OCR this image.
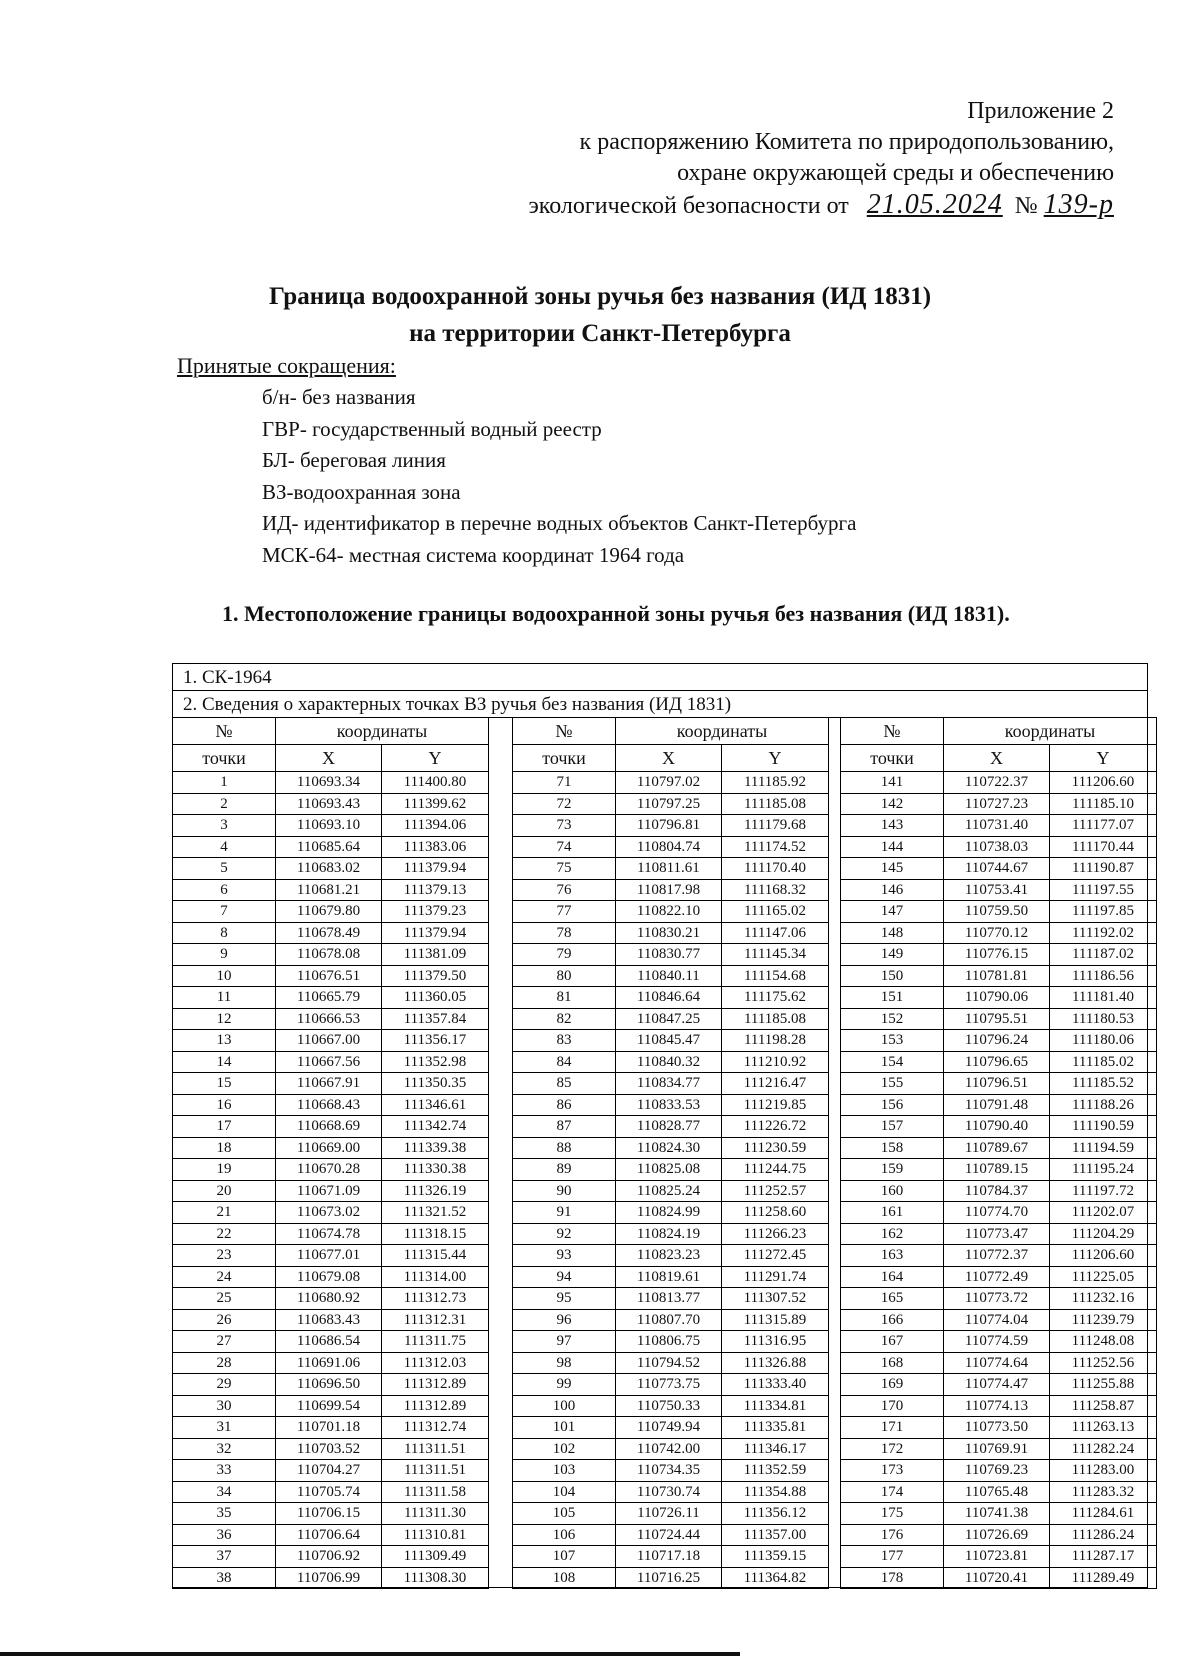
Приложение 2
к распоряжению Комитета по природопользованию,
охране окружающей среды и обеспечению
экологической безопасности от 21.05.2024 № 139-р
Граница водоохранной зоны ручья без названия (ИД 1831)
на территории Санкт-Петербурга
Принятые сокращения:
б/н- без названия
ГВР- государственный водный реестр
БЛ- береговая линия
ВЗ-водоохранная зона
ИД- идентификатор в перечне водных объектов Санкт-Петербурга
МСК-64- местная система координат 1964 года
1. Местоположение границы водоохранной зоны ручья без названия (ИД 1831).
1. СК-1964
2. Сведения о характерных точках ВЗ ручья без названия (ИД 1831)
№	координаты	
точки	X	Y
1	110693.34	111400.80
2	110693.43	111399.62
3	110693.10	111394.06
4	110685.64	111383.06
5	110683.02	111379.94
6	110681.21	111379.13
7	110679.80	111379.23
8	110678.49	111379.94
9	110678.08	111381.09
10	110676.51	111379.50
11	110665.79	111360.05
12	110666.53	111357.84
13	110667.00	111356.17
14	110667.56	111352.98
15	110667.91	111350.35
16	110668.43	111346.61
17	110668.69	111342.74
18	110669.00	111339.38
19	110670.28	111330.38
20	110671.09	111326.19
21	110673.02	111321.52
22	110674.78	111318.15
23	110677.01	111315.44
24	110679.08	111314.00
25	110680.92	111312.73
26	110683.43	111312.31
27	110686.54	111311.75
28	110691.06	111312.03
29	110696.50	111312.89
30	110699.54	111312.89
31	110701.18	111312.74
32	110703.52	111311.51
33	110704.27	111311.51
34	110705.74	111311.58
35	110706.15	111311.30
36	110706.64	111310.81
37	110706.92	111309.49
38	110706.99	111308.30
№	координаты	
точки	X	Y
71	110797.02	111185.92
72	110797.25	111185.08
73	110796.81	111179.68
74	110804.74	111174.52
75	110811.61	111170.40
76	110817.98	111168.32
77	110822.10	111165.02
78	110830.21	111147.06
79	110830.77	111145.34
80	110840.11	111154.68
81	110846.64	111175.62
82	110847.25	111185.08
83	110845.47	111198.28
84	110840.32	111210.92
85	110834.77	111216.47
86	110833.53	111219.85
87	110828.77	111226.72
88	110824.30	111230.59
89	110825.08	111244.75
90	110825.24	111252.57
91	110824.99	111258.60
92	110824.19	111266.23
93	110823.23	111272.45
94	110819.61	111291.74
95	110813.77	111307.52
96	110807.70	111315.89
97	110806.75	111316.95
98	110794.52	111326.88
99	110773.75	111333.40
100	110750.33	111334.81
101	110749.94	111335.81
102	110742.00	111346.17
103	110734.35	111352.59
104	110730.74	111354.88
105	110726.11	111356.12
106	110724.44	111357.00
107	110717.18	111359.15
108	110716.25	111364.82
№	координаты	
точки	X	Y
141	110722.37	111206.60
142	110727.23	111185.10
143	110731.40	111177.07
144	110738.03	111170.44
145	110744.67	111190.87
146	110753.41	111197.55
147	110759.50	111197.85
148	110770.12	111192.02
149	110776.15	111187.02
150	110781.81	111186.56
151	110790.06	111181.40
152	110795.51	111180.53
153	110796.24	111180.06
154	110796.65	111185.02
155	110796.51	111185.52
156	110791.48	111188.26
157	110790.40	111190.59
158	110789.67	111194.59
159	110789.15	111195.24
160	110784.37	111197.72
161	110774.70	111202.07
162	110773.47	111204.29
163	110772.37	111206.60
164	110772.49	111225.05
165	110773.72	111232.16
166	110774.04	111239.79
167	110774.59	111248.08
168	110774.64	111252.56
169	110774.47	111255.88
170	110774.13	111258.87
171	110773.50	111263.13
172	110769.91	111282.24
173	110769.23	111283.00
174	110765.48	111283.32
175	110741.38	111284.61
176	110726.69	111286.24
177	110723.81	111287.17
178	110720.41	111289.49
